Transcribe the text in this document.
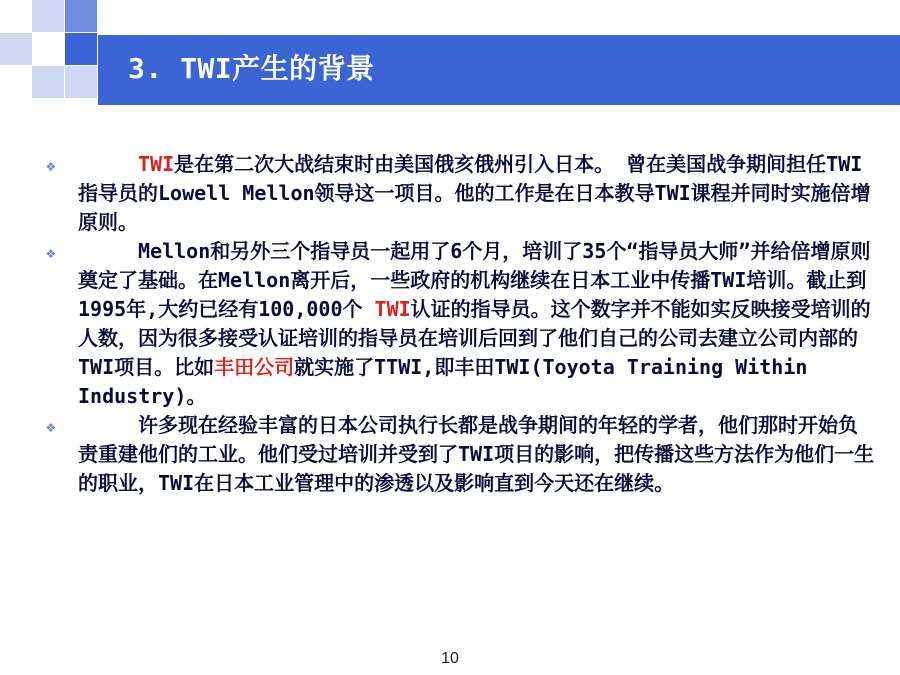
3. TWI产生的背景
❖	TWI是在第二次大战结束时由美国俄亥俄州引入日本。 曾在美国战争期间担任TWI指导员的Lowell Mellon领导这一项目。他的工作是在日本教导TWI课程并同时实施倍增原则。

❖	Mellon和另外三个指导员一起用了6个月，培训了35个“指导员大师”并给倍增原则奠定了基础。在Mellon离开后，一些政府的机构继续在日本工业中传播TWI培训。截止到1995年,大约已经有100,000个 TWI认证的指导员。这个数字并不能如实反映接受培训的人数，因为很多接受认证培训的指导员在培训后回到了他们自己的公司去建立公司内部的TWI项目。比如丰田公司就实施了TTWI,即丰田TWI(Toyota Training Within Industry)。

❖	许多现在经验丰富的日本公司执行长都是战争期间的年轻的学者，他们那时开始负责重建他们的工业。他们受过培训并受到了TWI项目的影响，把传播这些方法作为他们一生的职业，TWI在日本工业管理中的渗透以及影响直到今天还在继续。

10
